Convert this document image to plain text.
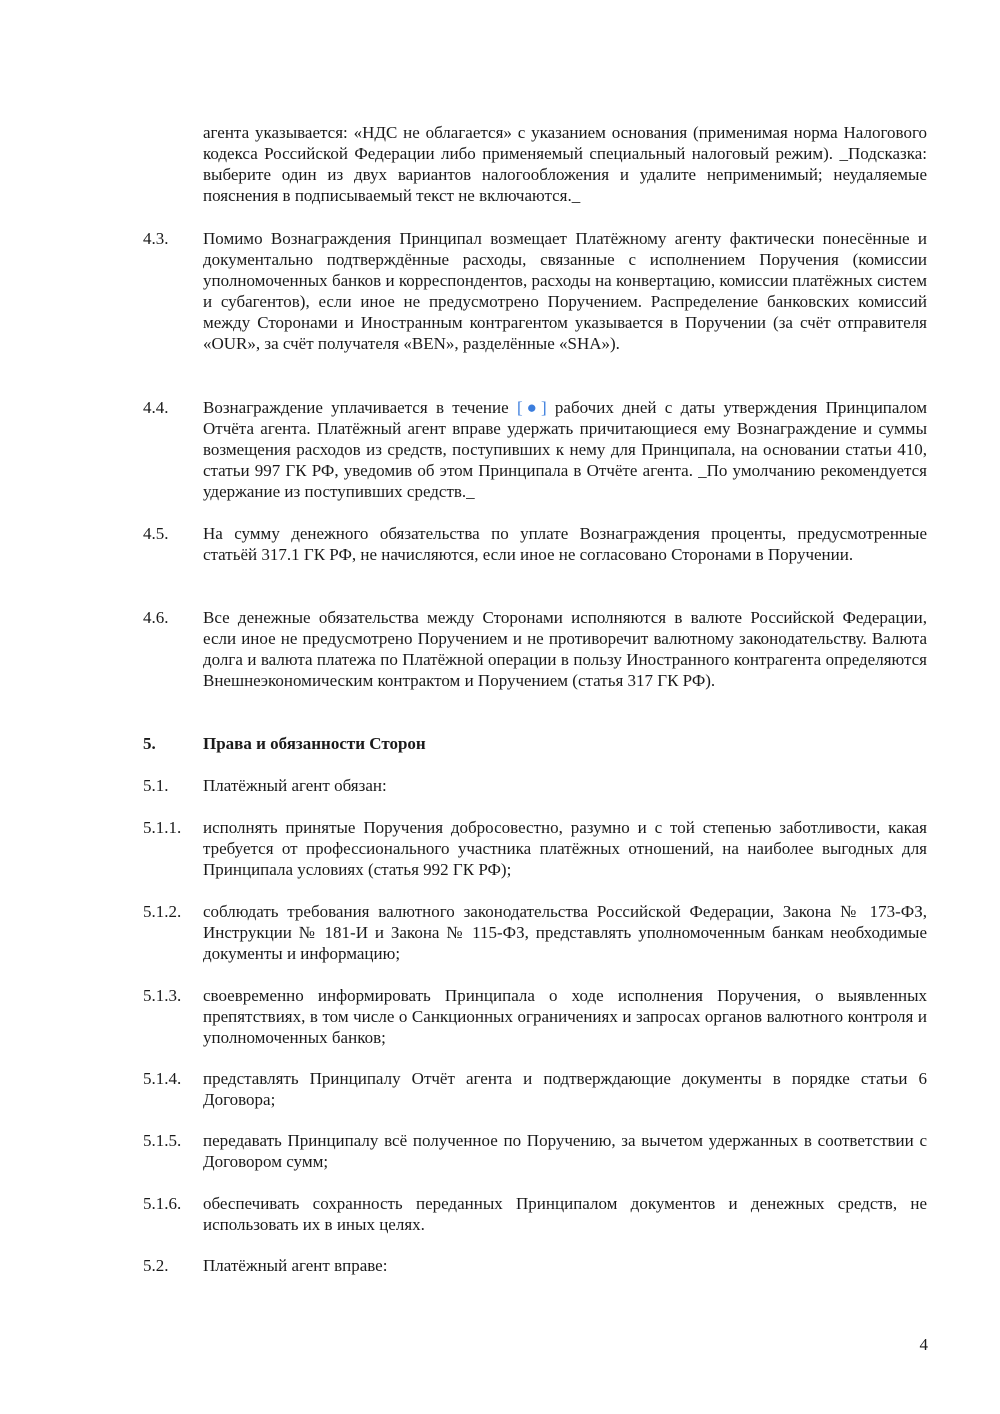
агента указывается: «НДС не облагается» с указанием основания (применимая норма Налогового кодекса Российской Федерации либо применяемый специальный налоговый режим). _Подсказка: выберите один из двух вариантов налогообложения и удалите неприменимый; неудаляемые пояснения в подписываемый текст не включаются._
4.3.	Помимо Вознаграждения Принципал возмещает Платёжному агенту фактически понесённые и документально подтверждённые расходы, связанные с исполнением Поручения (комиссии уполномоченных банков и корреспондентов, расходы на конвертацию, комиссии платёжных систем и субагентов), если иное не предусмотрено Поручением. Распределение банковских комиссий между Сторонами и Иностранным контрагентом указывается в Поручении (за счёт отправителя «OUR», за счёт получателя «BEN», разделённые «SHA»).
4.4.	Вознаграждение уплачивается в течение [●] рабочих дней с даты утверждения Принципалом Отчёта агента. Платёжный агент вправе удержать причитающиеся ему Вознаграждение и суммы возмещения расходов из средств, поступивших к нему для Принципала, на основании статьи 410, статьи 997 ГК РФ, уведомив об этом Принципала в Отчёте агента. _По умолчанию рекомендуется удержание из поступивших средств._
4.5.	На сумму денежного обязательства по уплате Вознаграждения проценты, предусмотренные статьёй 317.1 ГК РФ, не начисляются, если иное не согласовано Сторонами в Поручении.
4.6.	Все денежные обязательства между Сторонами исполняются в валюте Российской Федерации, если иное не предусмотрено Поручением и не противоречит валютному законодательству. Валюта долга и валюта платежа по Платёжной операции в пользу Иностранного контрагента определяются Внешнеэкономическим контрактом и Поручением (статья 317 ГК РФ).
5.	Права и обязанности Сторон
5.1.	Платёжный агент обязан:
5.1.1.	исполнять принятые Поручения добросовестно, разумно и с той степенью заботливости, какая требуется от профессионального участника платёжных отношений, на наиболее выгодных для Принципала условиях (статья 992 ГК РФ);
5.1.2.	соблюдать требования валютного законодательства Российской Федерации, Закона № 173-ФЗ, Инструкции № 181-И и Закона № 115-ФЗ, представлять уполномоченным банкам необходимые документы и информацию;
5.1.3.	своевременно информировать Принципала о ходе исполнения Поручения, о выявленных препятствиях, в том числе о Санкционных ограничениях и запросах органов валютного контроля и уполномоченных банков;
5.1.4.	представлять Принципалу Отчёт агента и подтверждающие документы в порядке статьи 6 Договора;
5.1.5.	передавать Принципалу всё полученное по Поручению, за вычетом удержанных в соответствии с Договором сумм;
5.1.6.	обеспечивать сохранность переданных Принципалом документов и денежных средств, не использовать их в иных целях.
5.2.	Платёжный агент вправе:
4
